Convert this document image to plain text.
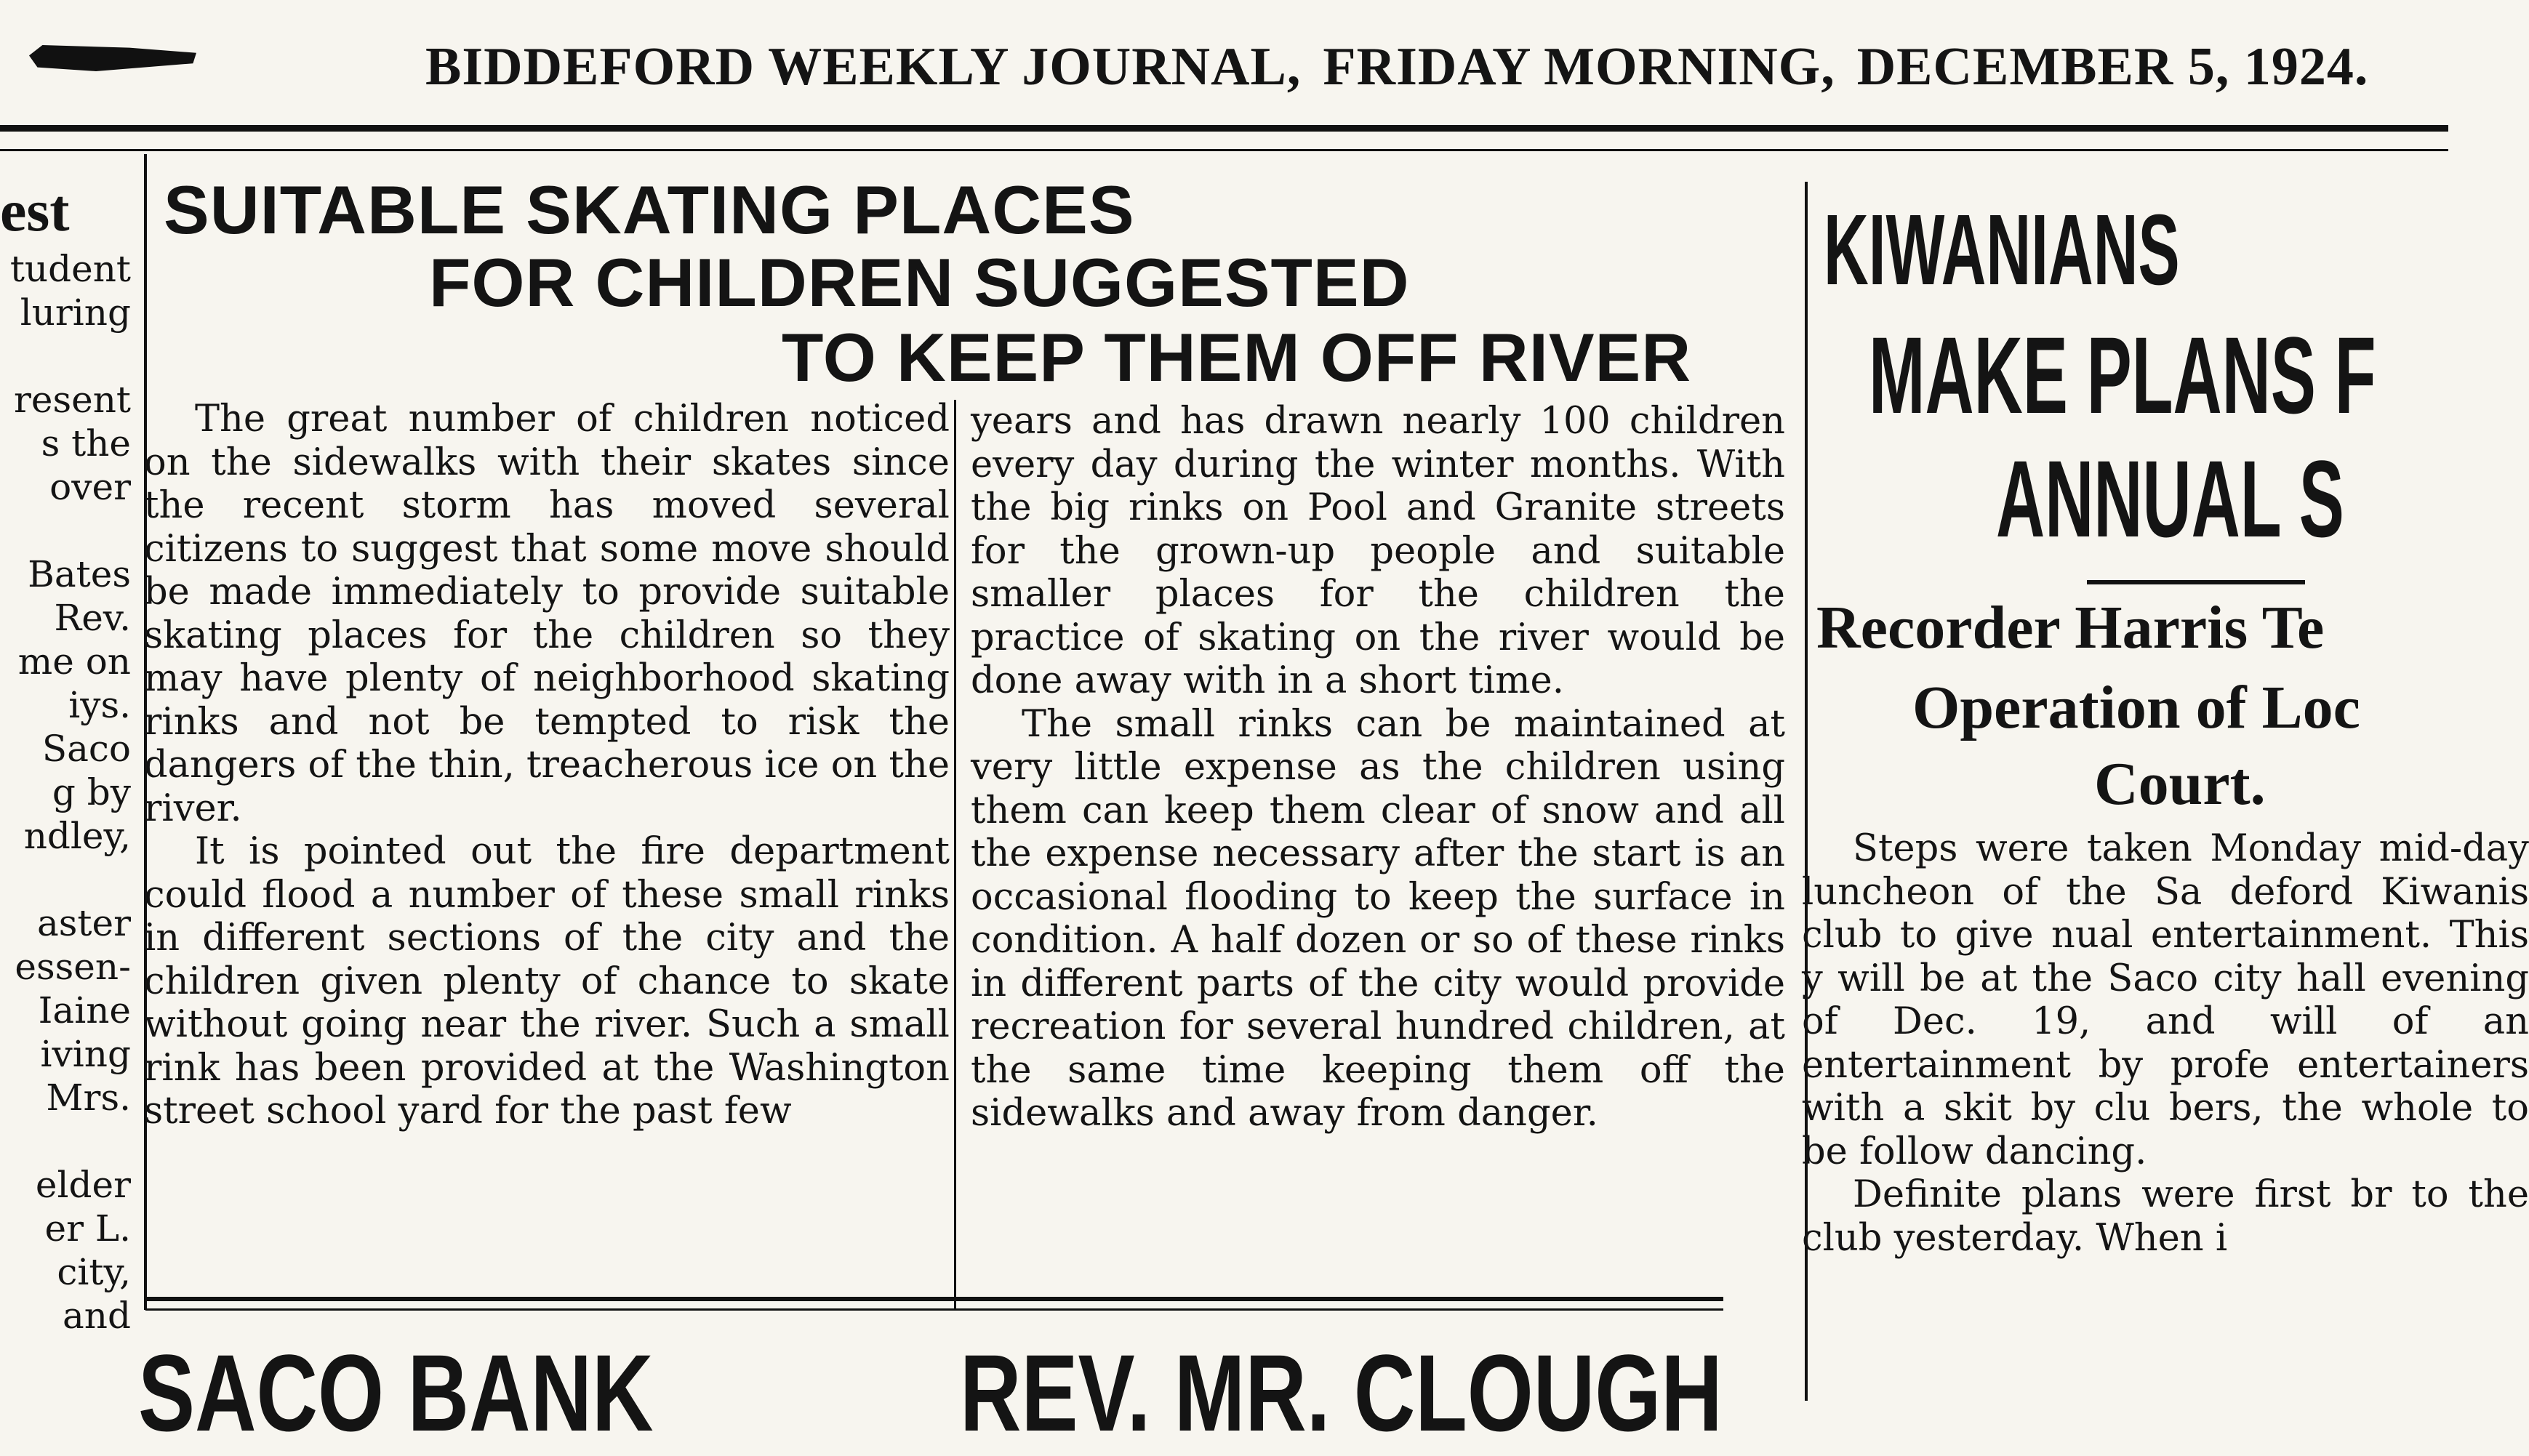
BIDDEFORD WEEKLY JOURNAL, FRIDAY MORNING, DECEMBER 5, 1924.
est
tudent
luring
resent
s the
over
Bates
Rev.
me on
iys.
Saco
g by
ndley,
aster
essen-
Iaine
iving
Mrs.
elder
er L.
city,
and
SUITABLE SKATING PLACES
FOR CHILDREN SUGGESTED
TO KEEP THEM OFF RIVER

The great number of children noticed on the sidewalks with their skates since the recent storm has moved several citizens to suggest that some move should be made immediately to provide suitable skating places for the children so they may have plenty of neighborhood skating rinks and not be tempted to risk the dangers of the thin, treacherous ice on the river.

It is pointed out the fire department could flood a number of these small rinks in different sections of the city and the children given plenty of chance to skate without going near the river. Such a small rink has been provided at the Washington street school yard for the past few

years and has drawn nearly 100 children every day during the winter months. With the big rinks on Pool and Granite streets for the grown-up people and suitable smaller places for the children the practice of skating on the river would be done away with in a short time.

The small rinks can be maintained at very little expense as the children using them can keep them clear of snow and all the expense necessary after the start is an occasional flooding to keep the surface in condition. A half dozen or so of these rinks in different parts of the city would provide recreation for several hundred children, at the same time keeping them off the sidewalks and away from danger.

KIWANIANS
MAKE PLANS F
ANNUAL S
Recorder Harris Te
Operation of Loc
Court.

Steps were taken Monday mid-day luncheon of the Sa deford Kiwanis club to give nual entertainment. This y will be at the Saco city hall evening of Dec. 19, and will of an entertainment by profe entertainers with a skit by clu bers, the whole to be follow dancing.

Definite plans were first br to the club yesterday. When i

SACO BANK	REV. MR. CLOUGH
